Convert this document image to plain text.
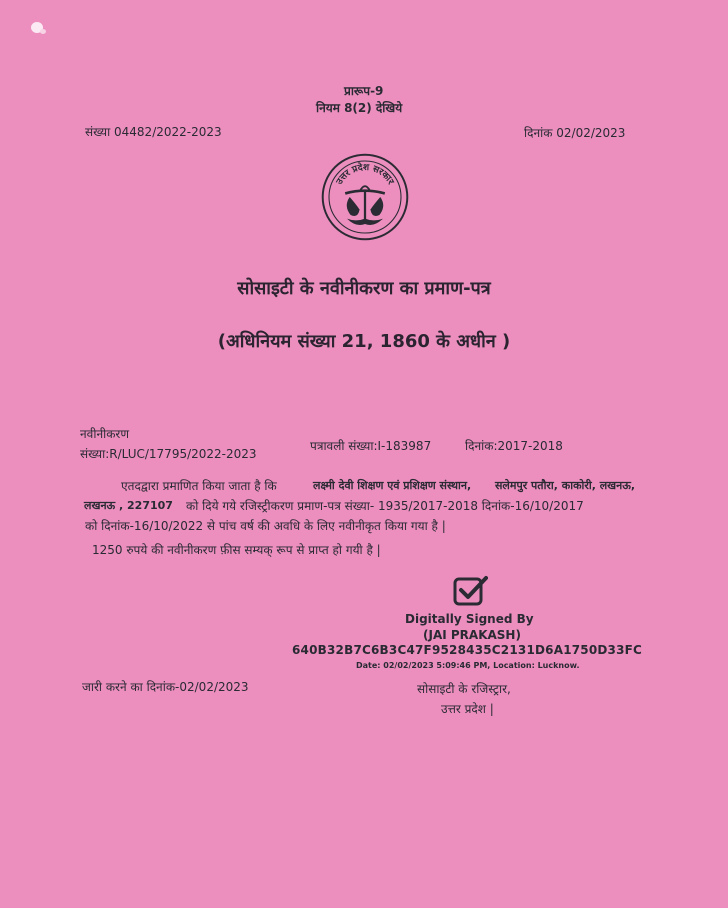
प्रारूप-9
नियम 8(2) देखिये
संख्या 04482/2022-2023	दिनांक 02/02/2023
उत्तर प्रदेश सरकार
सोसाइटी के नवीनीकरण का प्रमाण-पत्र
(अधिनियम संख्या 21, 1860 के अधीन )
नवीनीकरण
संख्या:R/LUC/17795/2022-2023
पत्रावली संख्या:I-183987	दिनांक:2017-2018
एतदद्वारा प्रमाणित किया जाता है कि	लक्ष्मी देवी शिक्षण एवं प्रशिक्षण संस्थान, सलेमपुर पतौरा, काकोरी, लखनऊ,
लखनऊ , 227107 को दिये गये रजिस्ट्रीकरण प्रमाण-पत्र संख्या- 1935/2017-2018 दिनांक-16/10/2017
को दिनांक-16/10/2022 से पांच वर्ष की अवधि के लिए नवीनीकृत किया गया है |
1250 रुपये की नवीनीकरण फ़ीस सम्यक् रूप से प्राप्त हो गयी है |
Digitally Signed By
(JAI PRAKASH)
640B32B7C6B3C47F9528435C2131D6A1750D33FC
Date: 02/02/2023 5:09:46 PM, Location: Lucknow.
जारी करने का दिनांक-02/02/2023	सोसाइटी के रजिस्ट्रार,
उत्तर प्रदेश |
